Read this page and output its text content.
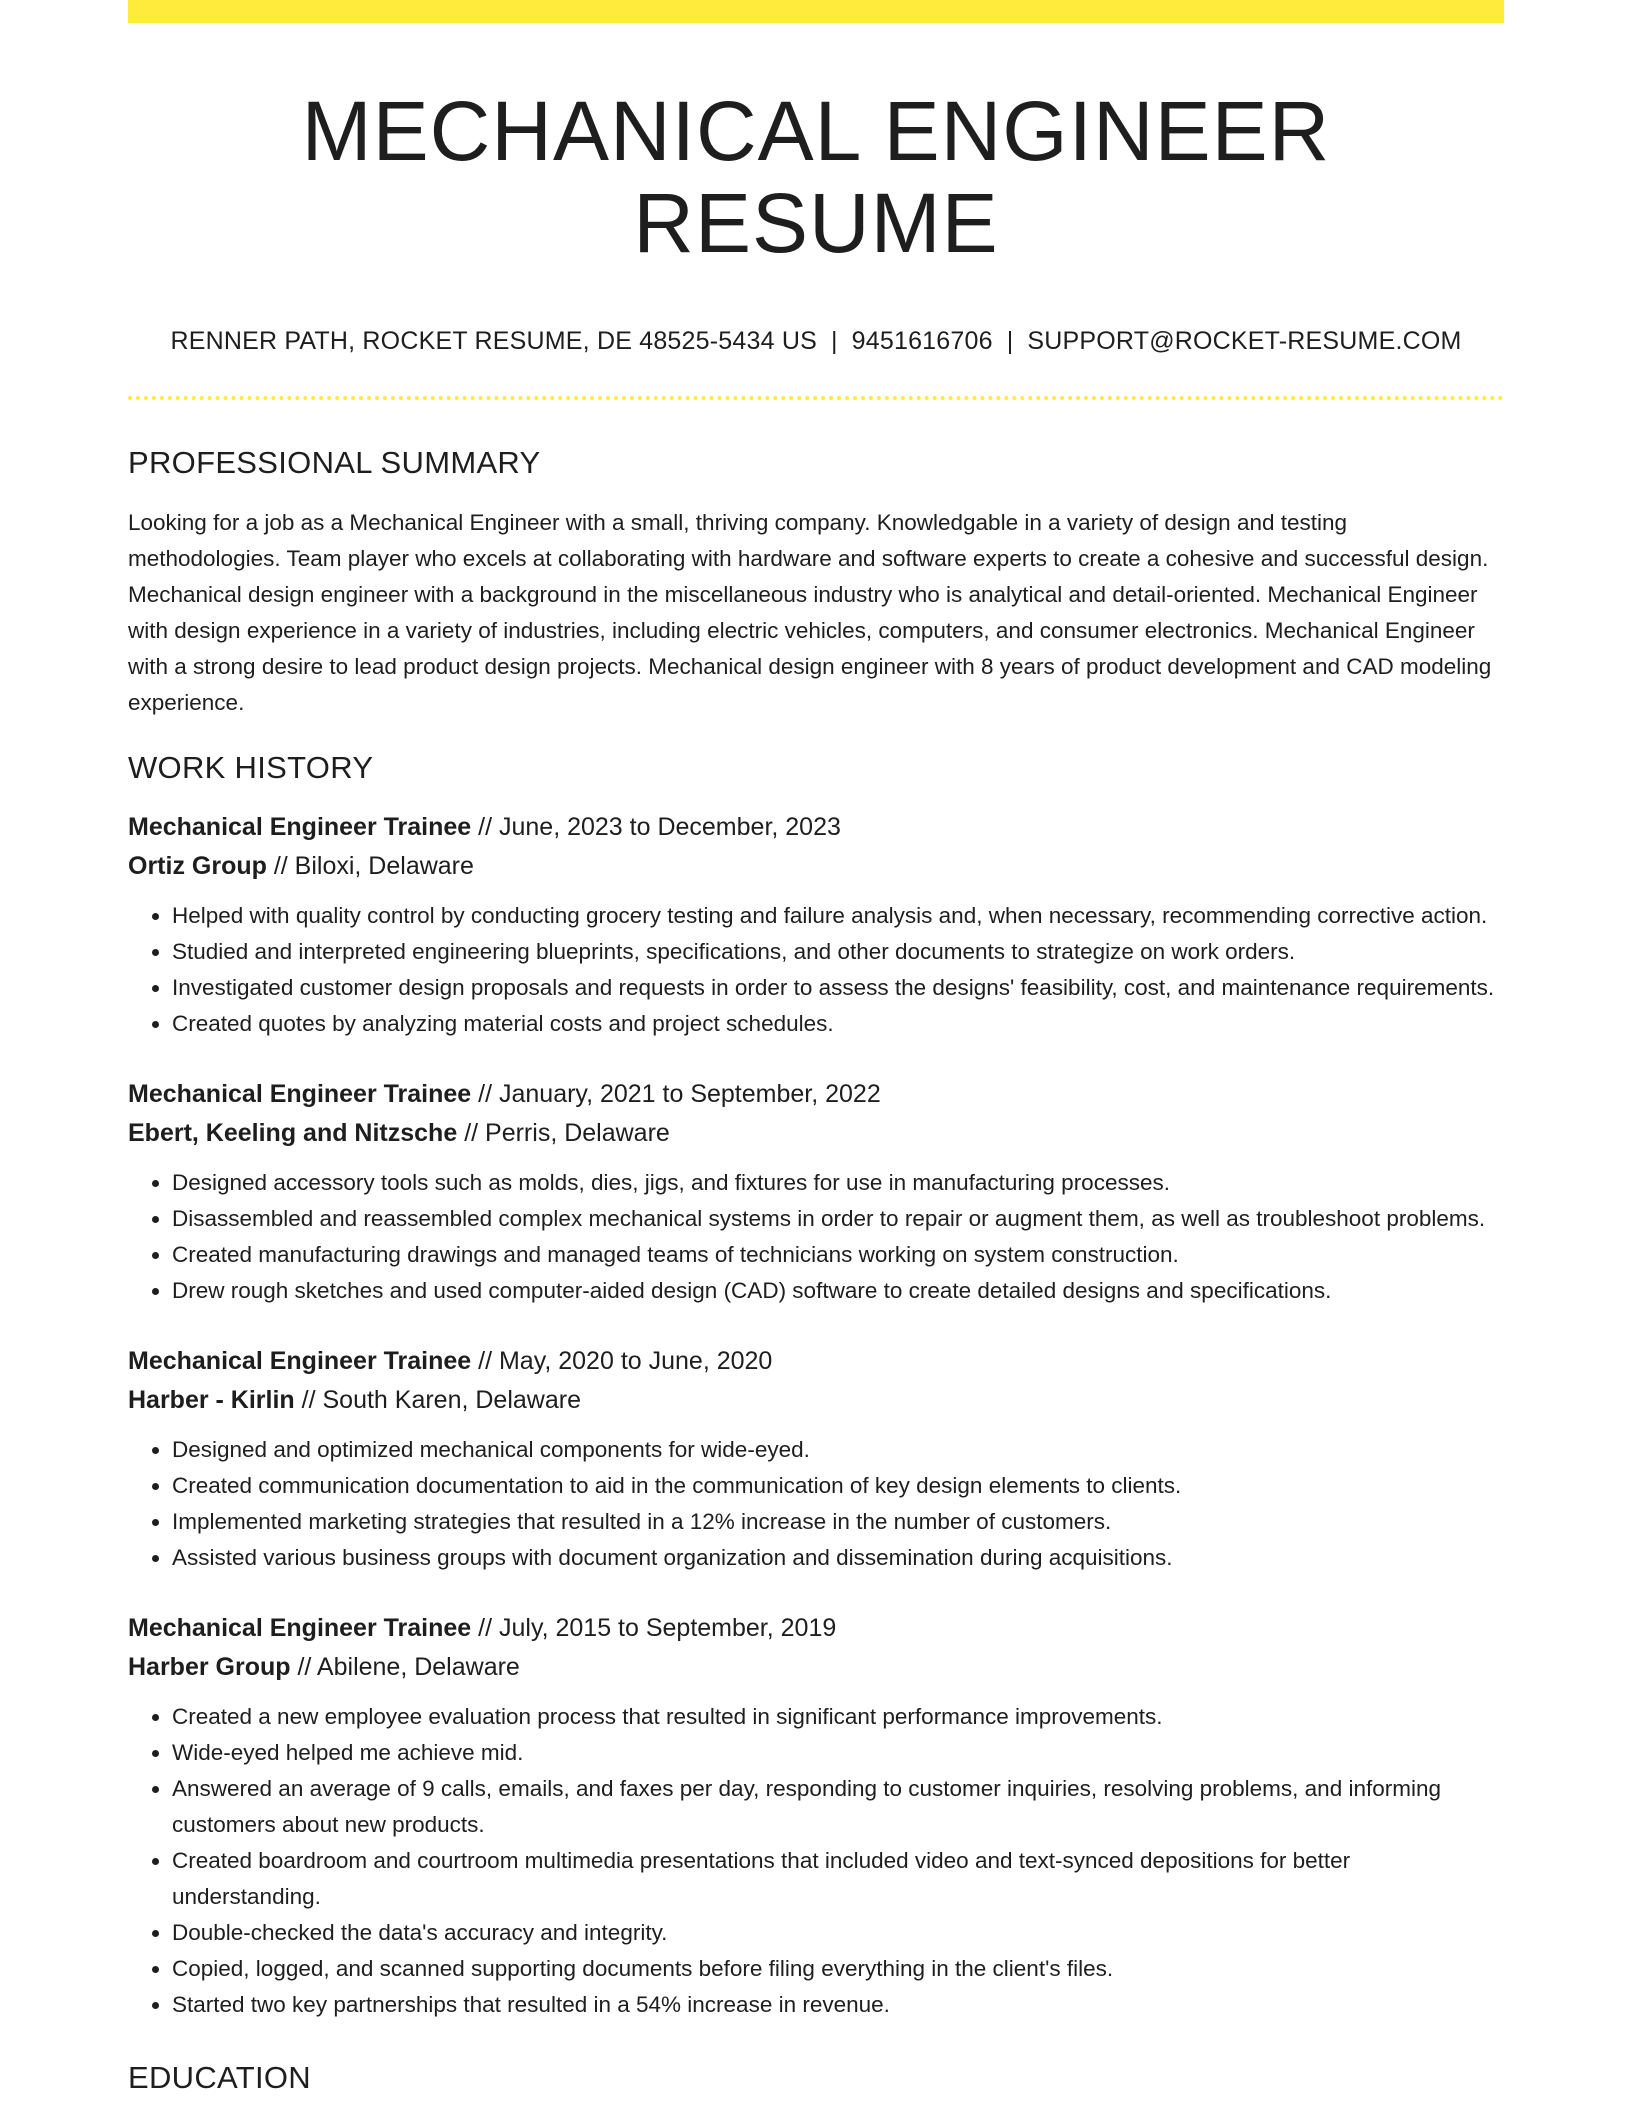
MECHANICAL ENGINEER RESUME
RENNER PATH, ROCKET RESUME, DE 48525-5434 US | 9451616706 | SUPPORT@ROCKET-RESUME.COM
PROFESSIONAL SUMMARY

Looking for a job as a Mechanical Engineer with a small, thriving company. Knowledgable in a variety of design and testing methodologies. Team player who excels at collaborating with hardware and software experts to create a cohesive and successful design. Mechanical design engineer with a background in the miscellaneous industry who is analytical and detail-oriented. Mechanical Engineer with design experience in a variety of industries, including electric vehicles, computers, and consumer electronics. Mechanical Engineer with a strong desire to lead product design projects. Mechanical design engineer with 8 years of product development and CAD modeling experience.

WORK HISTORY
Mechanical Engineer Trainee // June, 2023 to December, 2023
Ortiz Group // Biloxi, Delaware
• Helped with quality control by conducting grocery testing and failure analysis and, when necessary, recommending corrective action.
• Studied and interpreted engineering blueprints, specifications, and other documents to strategize on work orders.
• Investigated customer design proposals and requests in order to assess the designs' feasibility, cost, and maintenance requirements.
• Created quotes by analyzing material costs and project schedules.
Mechanical Engineer Trainee // January, 2021 to September, 2022
Ebert, Keeling and Nitzsche // Perris, Delaware
• Designed accessory tools such as molds, dies, jigs, and fixtures for use in manufacturing processes.
• Disassembled and reassembled complex mechanical systems in order to repair or augment them, as well as troubleshoot problems.
• Created manufacturing drawings and managed teams of technicians working on system construction.
• Drew rough sketches and used computer-aided design (CAD) software to create detailed designs and specifications.
Mechanical Engineer Trainee // May, 2020 to June, 2020
Harber - Kirlin // South Karen, Delaware
• Designed and optimized mechanical components for wide-eyed.
• Created communication documentation to aid in the communication of key design elements to clients.
• Implemented marketing strategies that resulted in a 12% increase in the number of customers.
• Assisted various business groups with document organization and dissemination during acquisitions.
Mechanical Engineer Trainee // July, 2015 to September, 2019
Harber Group // Abilene, Delaware
• Created a new employee evaluation process that resulted in significant performance improvements.
• Wide-eyed helped me achieve mid.
• Answered an average of 9 calls, emails, and faxes per day, responding to customer inquiries, resolving problems, and informing customers about new products.
• Created boardroom and courtroom multimedia presentations that included video and text-synced depositions for better understanding.
• Double-checked the data's accuracy and integrity.
• Copied, logged, and scanned supporting documents before filing everything in the client's files.
• Started two key partnerships that resulted in a 54% increase in revenue.
EDUCATION
